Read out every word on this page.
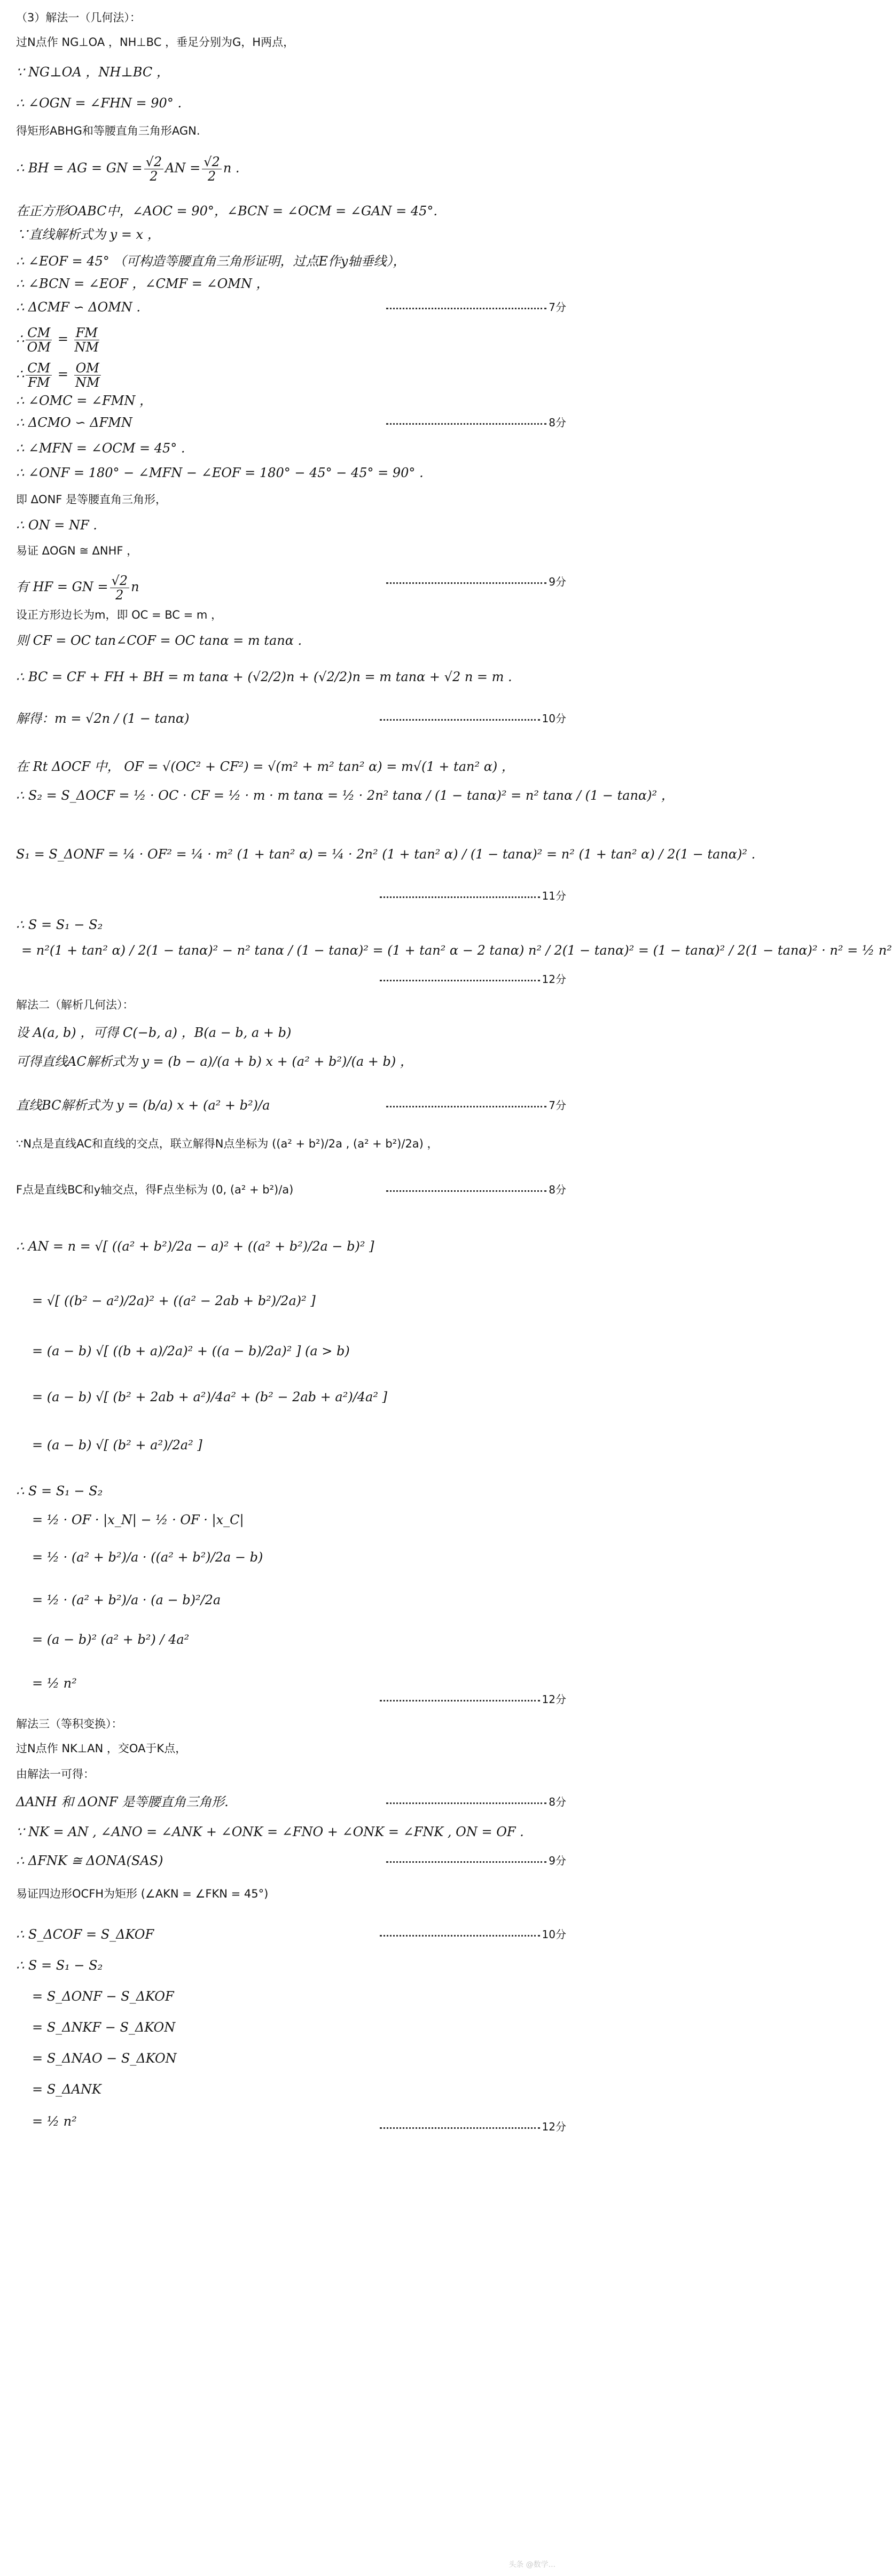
（3）解法一（几何法）：
过N点作 NG⊥OA ，NH⊥BC ，垂足分别为G，H两点，
∵ NG⊥OA ，NH⊥BC ，
∴ ∠OGN = ∠FHN = 90° .
得矩形ABHG和等腰直角三角形AGN.
在正方形OABC中，∠AOC = 90°，∠BCN = ∠OCM = ∠GAN = 45°.
∵直线解析式为 y = x ，
∴ ∠EOF = 45° （可构造等腰直角三角形证明，过点E作y轴垂线），
∴ ∠BCN = ∠EOF ，∠CMF = ∠OMN ，
∴ ΔCMF ∽ ΔOMN .
∴ ∠OMC = ∠FMN ，
∴ ΔCMO ∽ ΔFMN
∴ ∠MFN = ∠OCM = 45° .
∴ ∠ONF = 180° − ∠MFN − ∠EOF = 180° − 45° − 45° = 90° .
即 ΔONF 是等腰直角三角形，
∴ ON = NF .
易证 ΔOGN ≅ ΔNHF ，
设正方形边长为m，即 OC = BC = m ，
则 CF = OC tan∠COF = OC tanα = m tanα .
∴ BC = CF + FH + BH = m tanα + (√2/2)n + (√2/2)n = m tanα + √2 n = m .
解得：m = √2n / (1 − tanα)
在 Rt ΔOCF 中， OF = √(OC² + CF²) = √(m² + m² tan² α) = m√(1 + tan² α) ，
∴ S₂ = S_ΔOCF = ½ · OC · CF = ½ · m · m tanα = ½ · 2n² tanα / (1 − tanα)² = n² tanα / (1 − tanα)² ，
S₁ = S_ΔONF = ¼ · OF² = ¼ · m² (1 + tan² α) = ¼ · 2n² (1 + tan² α) / (1 − tanα)² = n² (1 + tan² α) / 2(1 − tanα)² .
∴ S = S₁ − S₂
= n²(1 + tan² α) / 2(1 − tanα)² − n² tanα / (1 − tanα)² = (1 + tan² α − 2 tanα) n² / 2(1 − tanα)² = (1 − tanα)² / 2(1 − tanα)² · n² = ½ n²
解法二（解析几何法）：
设 A(a, b) ，可得 C(−b, a) ，B(a − b, a + b)
可得直线AC解析式为 y = (b − a)/(a + b) x + (a² + b²)/(a + b) ，
直线BC解析式为 y = (b/a) x + (a² + b²)/a
∵N点是直线AC和直线的交点，联立解得N点坐标为 ((a² + b²)/2a , (a² + b²)/2a) ，
F点是直线BC和y轴交点，得F点坐标为 (0, (a² + b²)/a)
∴ AN = n = √[ ((a² + b²)/2a − a)² + ((a² + b²)/2a − b)² ]
= √[ ((b² − a²)/2a)² + ((a² − 2ab + b²)/2a)² ]
= (a − b) √[ ((b + a)/2a)² + ((a − b)/2a)² ] (a > b)
= (a − b) √[ (b² + 2ab + a²)/4a² + (b² − 2ab + a²)/4a² ]
= (a − b) √[ (b² + a²)/2a² ]
∴ S = S₁ − S₂
= ½ · OF · |x_N| − ½ · OF · |x_C|
= ½ · (a² + b²)/a · ((a² + b²)/2a − b)
= ½ · (a² + b²)/a · (a − b)²/2a
= (a − b)² (a² + b²) / 4a²
= ½ n²
解法三（等积变换）：
过N点作 NK⊥AN ，交OA于K点，
由解法一可得：
ΔANH 和 ΔONF 是等腰直角三角形.
∵ NK = AN , ∠ANO = ∠ANK + ∠ONK = ∠FNO + ∠ONK = ∠FNK , ON = OF .
∴ ΔFNK ≅ ΔONA(SAS)
易证四边形OCFH为矩形 (∠AKN = ∠FKN = 45°)
∴ S_ΔCOF = S_ΔKOF
∴ S = S₁ − S₂
= S_ΔONF − S_ΔKOF
= S_ΔNKF − S_ΔKON
= S_ΔNAO − S_ΔKON
= S_ΔANK
= ½ n²
∴ BH = AG = GN = $\frac{√2}{2}$ AN = $\frac{√2}{2}$ n .
∴ $\frac{CM}{OM} = \frac{FM}{NM}$
∴ $\frac{CM}{FM} = \frac{OM}{NM}$
有 HF = GN = $\frac{√2}{2}$ n
7分
8分
9分
10分
11分
12分
7分
8分
12分
8分
9分
10分
12分
头条 @数学...
